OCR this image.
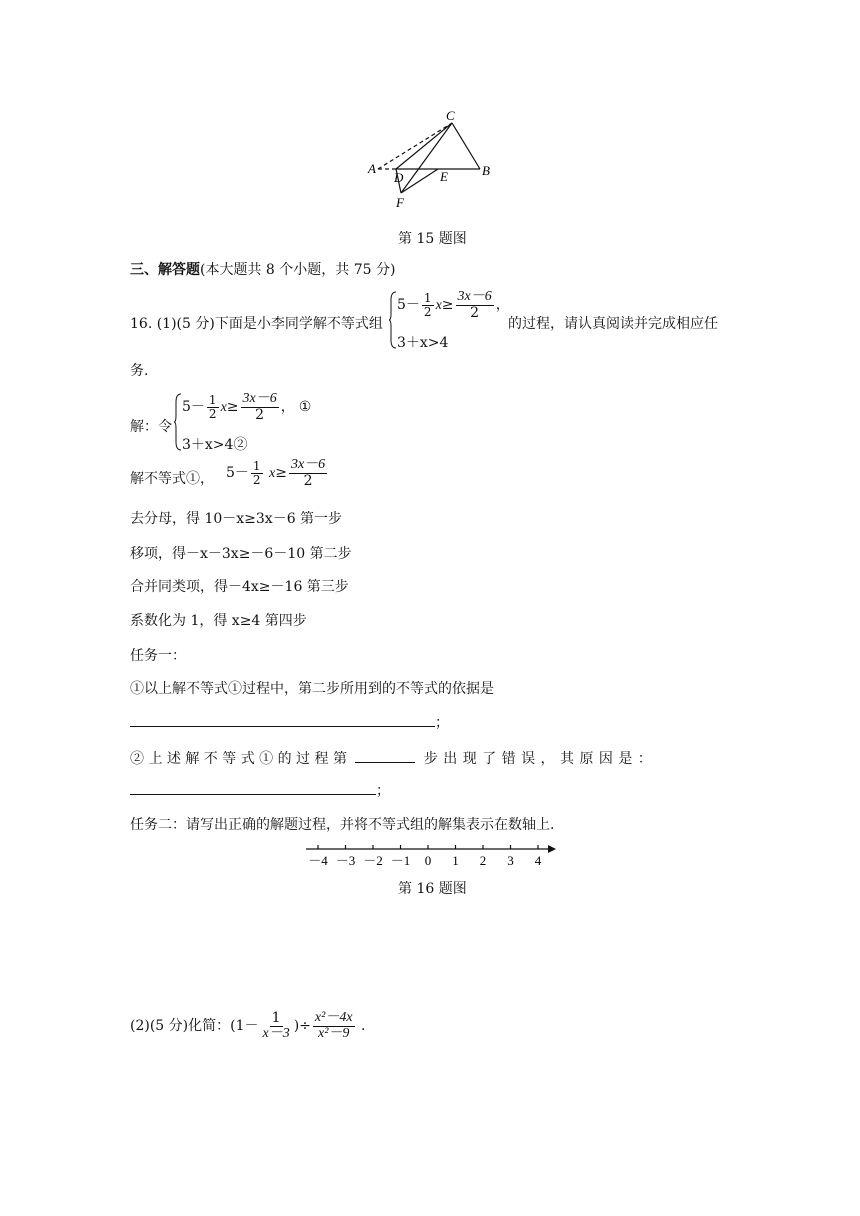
C
A	B
D	E
F
第 15 题图
三、解答题(本大题共 8 个小题，共 75 分)
16. (1)(5 分)下面是小李同学解不等式组
$5- \frac{1}{2} x\ge \frac{3x-6}{2}$ ，
3＋x>4
的过程，请认真阅读并完成相应任
务.
解：令
$5- \frac{1}{2} x\ge \frac{3x-6}{2}$ ， ①
3＋x>4②
解不等式①， $5- \frac{1}{2} x\ge \frac{3x-6}{2}$
去分母，得 10－x≥3x－6 第一步
移项，得－x－3x≥－6－10 第二步
合并同类项，得－4x≥－16 第三步
系数化为 1，得 x≥4 第四步
任务一：
①以上解不等式①过程中，第二步所用到的不等式的依据是
；
② 上 述 解 不 等 式 ① 的 过 程 第	步 出 现 了 错 误 ， 其 原 因 是 ：
；
任务二：请写出正确的解题过程，并将不等式组的解集表示在数轴上.
－4 －3 －2 －1 0 1 2 3 4
第 16 题图
(2)(5 分)化简：($1- \frac{1}{x-3}$ )÷ $\frac{\text{x²－4x}}{\text{x²－9}}$ .
